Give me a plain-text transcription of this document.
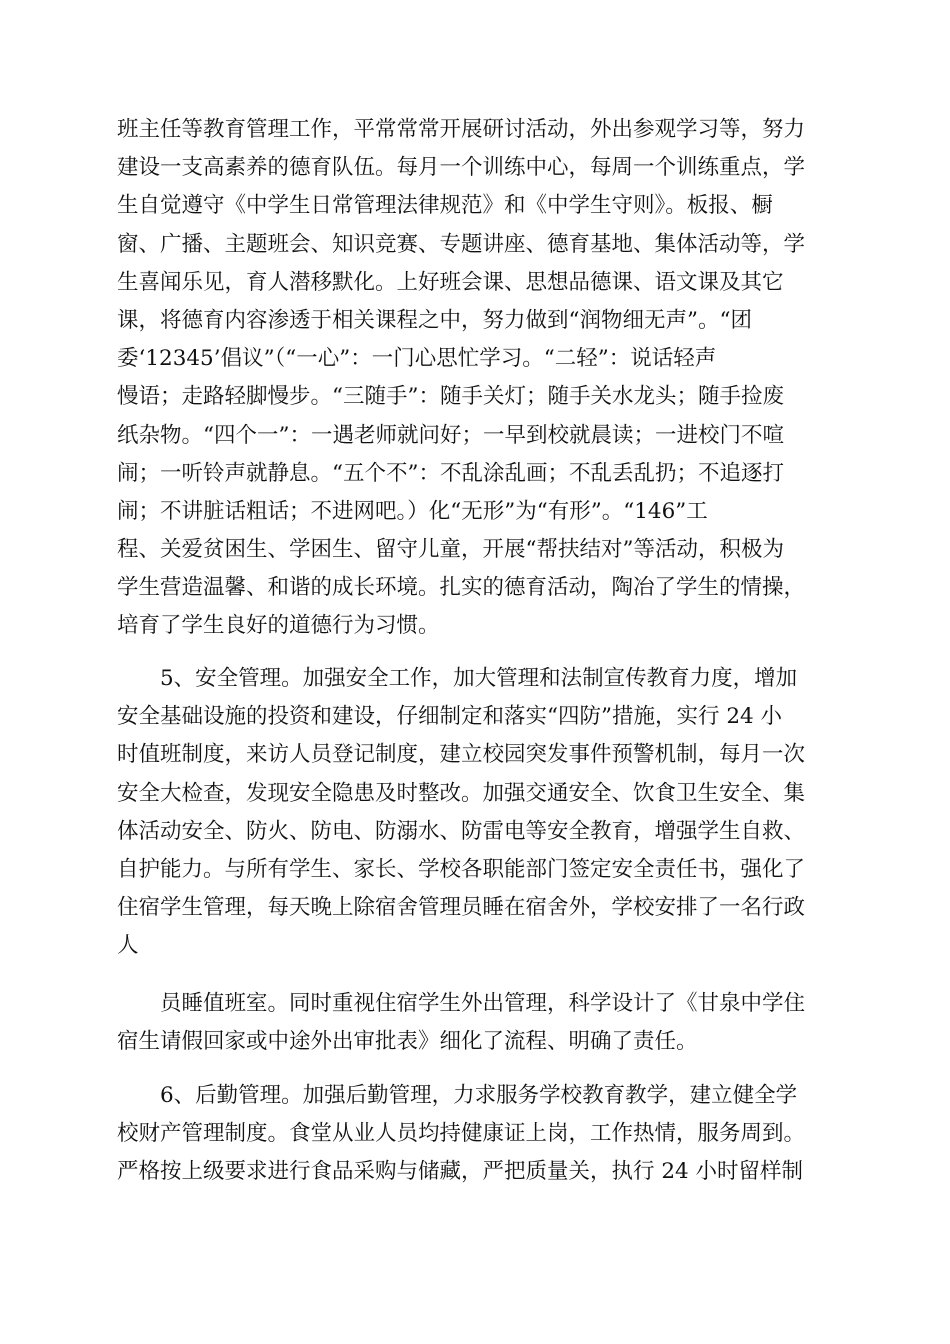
班主任等教育管理工作，平常常常开展研讨活动，外出参观学习等，努力
建设一支高素养的德育队伍。每月一个训练中心，每周一个训练重点，学
生自觉遵守《中学生日常管理法律规范》和《中学生守则》。板报、橱
窗、广播、主题班会、知识竞赛、专题讲座、德育基地、集体活动等，学
生喜闻乐见，育人潜移默化。上好班会课、思想品德课、语文课及其它
课，将德育内容渗透于相关课程之中，努力做到“润物细无声”。“团
委‘12345’倡议”（“一心”：一门心思忙学习。“二轻”：说话轻声
慢语；走路轻脚慢步。“三随手”：随手关灯；随手关水龙头；随手捡废
纸杂物。“四个一”：一遇老师就问好；一早到校就晨读；一进校门不喧
闹；一听铃声就静息。“五个不”：不乱涂乱画；不乱丢乱扔；不追逐打
闹；不讲脏话粗话；不进网吧。）化“无形”为“有形”。“146”工
程、关爱贫困生、学困生、留守儿童，开展“帮扶结对”等活动，积极为
学生营造温馨、和谐的成长环境。扎实的德育活动，陶冶了学生的情操，
培育了学生良好的道德行为习惯。
　　5、安全管理。加强安全工作，加大管理和法制宣传教育力度，增加
安全基础设施的投资和建设，仔细制定和落实“四防”措施，实行 24 小
时值班制度，来访人员登记制度，建立校园突发事件预警机制，每月一次
安全大检查，发现安全隐患及时整改。加强交通安全、饮食卫生安全、集
体活动安全、防火、防电、防溺水、防雷电等安全教育，增强学生自救、
自护能力。与所有学生、家长、学校各职能部门签定安全责任书，强化了
住宿学生管理，每天晚上除宿舍管理员睡在宿舍外，学校安排了一名行政
人
　　员睡值班室。同时重视住宿学生外出管理，科学设计了《甘泉中学住
宿生请假回家或中途外出审批表》细化了流程、明确了责任。
　　6、后勤管理。加强后勤管理，力求服务学校教育教学，建立健全学
校财产管理制度。食堂从业人员均持健康证上岗，工作热情，服务周到。
严格按上级要求进行食品采购与储藏，严把质量关，执行 24 小时留样制
